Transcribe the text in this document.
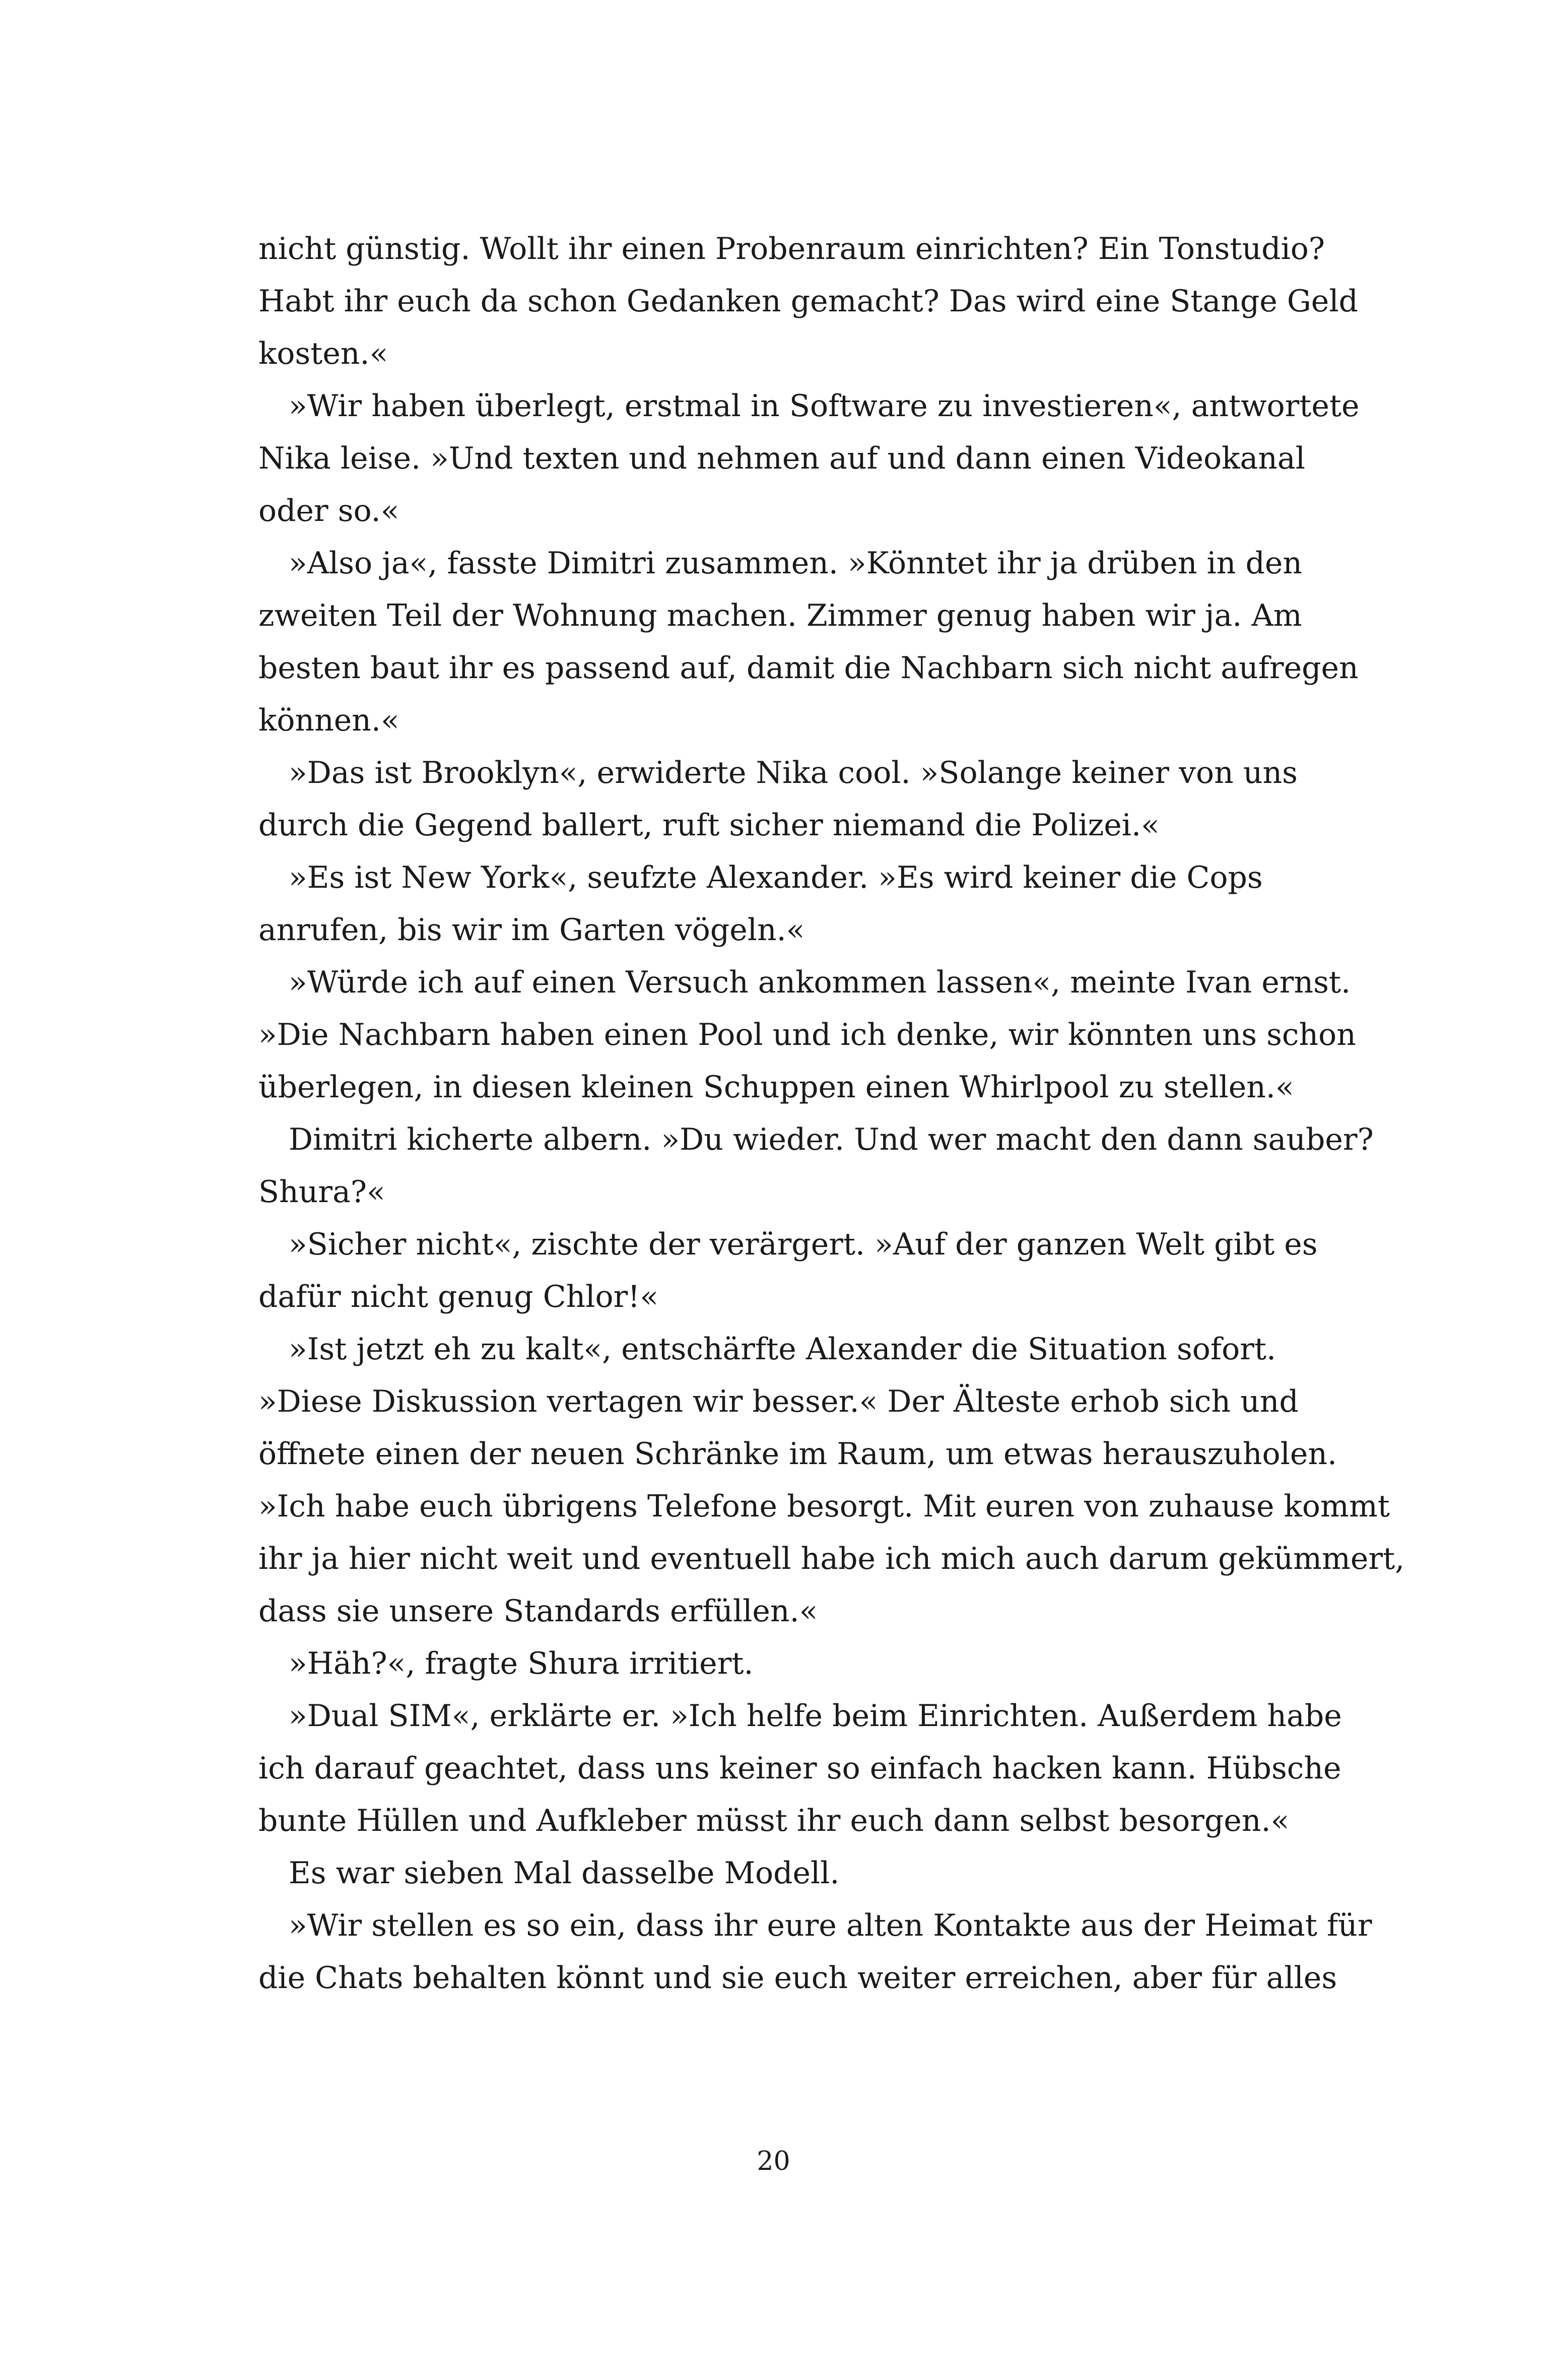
nicht günstig. Wollt ihr einen Probenraum einrichten? Ein Tonstudio?
Habt ihr euch da schon Gedanken gemacht? Das wird eine Stange Geld
kosten.«
 »Wir haben überlegt, erstmal in Software zu investieren«, antwortete
Nika leise. »Und texten und nehmen auf und dann einen Videokanal
oder so.«
 »Also ja«, fasste Dimitri zusammen. »Könntet ihr ja drüben in den
zweiten Teil der Wohnung machen. Zimmer genug haben wir ja. Am
besten baut ihr es passend auf, damit die Nachbarn sich nicht aufregen
können.«
 »Das ist Brooklyn«, erwiderte Nika cool. »Solange keiner von uns
durch die Gegend ballert, ruft sicher niemand die Polizei.«
 »Es ist New York«, seufzte Alexander. »Es wird keiner die Cops
anrufen, bis wir im Garten vögeln.«
 »Würde ich auf einen Versuch ankommen lassen«, meinte Ivan ernst.
»Die Nachbarn haben einen Pool und ich denke, wir könnten uns schon
überlegen, in diesen kleinen Schuppen einen Whirlpool zu stellen.«
 Dimitri kicherte albern. »Du wieder. Und wer macht den dann sauber?
Shura?«
 »Sicher nicht«, zischte der verärgert. »Auf der ganzen Welt gibt es
dafür nicht genug Chlor!«
 »Ist jetzt eh zu kalt«, entschärfte Alexander die Situation sofort.
»Diese Diskussion vertagen wir besser.« Der Älteste erhob sich und
öffnete einen der neuen Schränke im Raum, um etwas herauszuholen.
»Ich habe euch übrigens Telefone besorgt. Mit euren von zuhause kommt
ihr ja hier nicht weit und eventuell habe ich mich auch darum gekümmert,
dass sie unsere Standards erfüllen.«
 »Häh?«, fragte Shura irritiert.
 »Dual SIM«, erklärte er. »Ich helfe beim Einrichten. Außerdem habe
ich darauf geachtet, dass uns keiner so einfach hacken kann. Hübsche
bunte Hüllen und Aufkleber müsst ihr euch dann selbst besorgen.«
 Es war sieben Mal dasselbe Modell.
 »Wir stellen es so ein, dass ihr eure alten Kontakte aus der Heimat für
die Chats behalten könnt und sie euch weiter erreichen, aber für alles
20
